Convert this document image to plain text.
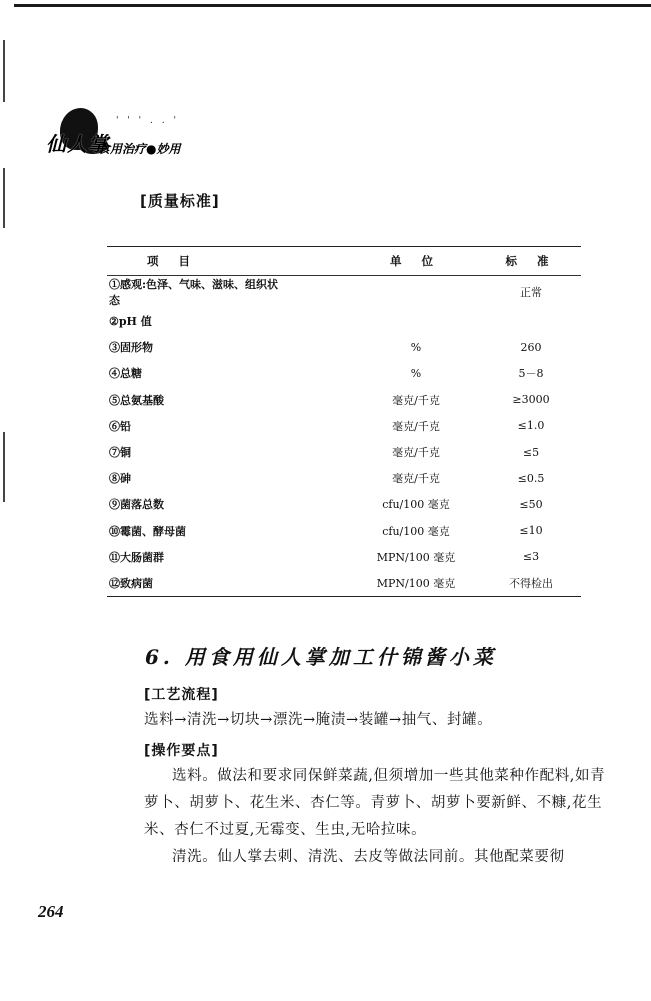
' ' ' . . '
仙人掌
食用治疗●妙用
[质量标准]
项 目	单 位	标 准
①感观:色泽、气味、滋味、组织状态		正常
②pH 值		
③固形物	%	260
④总糖	%	5－8
⑤总氨基酸	毫克/千克	≥3000
⑥铅	毫克/千克	≤1.0
⑦铜	毫克/千克	≤5
⑧砷	毫克/千克	≤0.5
⑨菌落总数	cfu/100 毫克	≤50
⑩霉菌、酵母菌	cfu/100 毫克	≤10
⑪大肠菌群	MPN/100 毫克	≤3
⑫致病菌	MPN/100 毫克	不得检出
6. 用食用仙人掌加工什锦酱小菜
[工艺流程]
选料→清洗→切块→漂洗→腌渍→装罐→抽气、封罐。
[操作要点]

选料。做法和要求同保鲜菜蔬,但须增加一些其他菜种作配料,如青萝卜、胡萝卜、花生米、杏仁等。青萝卜、胡萝卜要新鲜、不糠,花生米、杏仁不过夏,无霉变、生虫,无哈拉味。

清洗。仙人掌去刺、清洗、去皮等做法同前。其他配菜要彻

264
